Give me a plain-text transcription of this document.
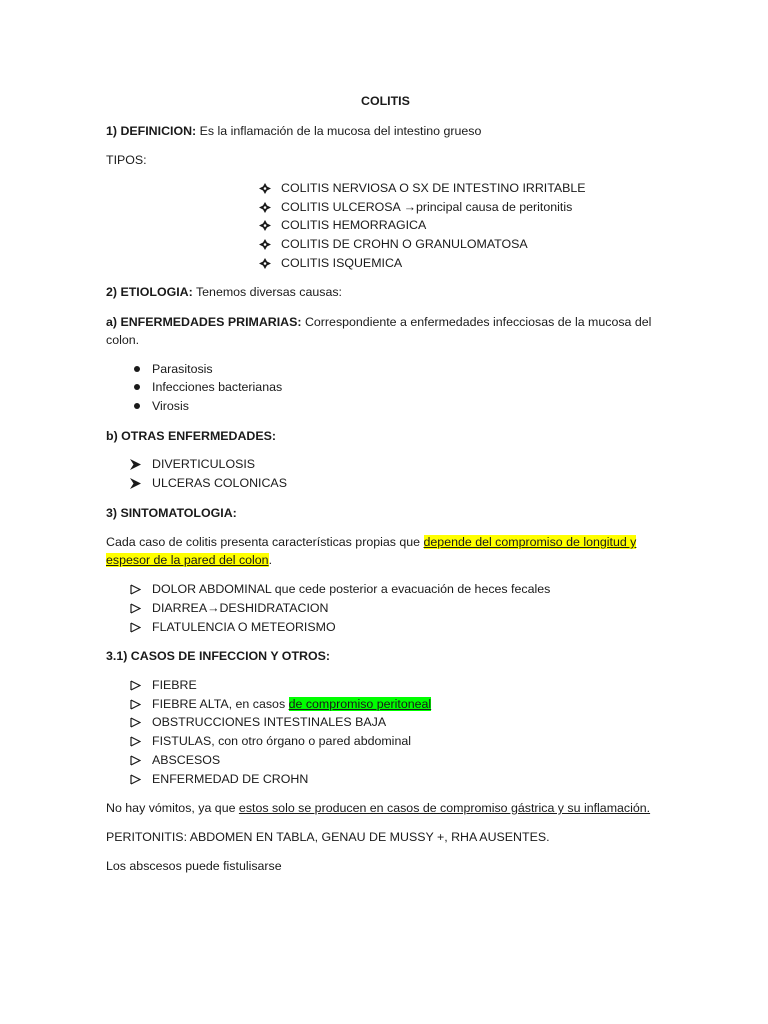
COLITIS
1) DEFINICION: Es la inflamación de la mucosa del intestino grueso
TIPOS:
COLITIS NERVIOSA O SX DE INTESTINO IRRITABLE
COLITIS ULCEROSA →principal causa de peritonitis
COLITIS HEMORRAGICA
COLITIS DE CROHN O GRANULOMATOSA
COLITIS ISQUEMICA
2) ETIOLOGIA: Tenemos diversas causas:
a) ENFERMEDADES PRIMARIAS: Correspondiente a enfermedades infecciosas de la mucosa del
colon.
Parasitosis
Infecciones bacterianas
Virosis
b) OTRAS ENFERMEDADES:
DIVERTICULOSIS
ULCERAS COLONICAS
3) SINTOMATOLOGIA:
Cada caso de colitis presenta características propias que depende del compromiso de longitud y
espesor de la pared del colon.
DOLOR ABDOMINAL que cede posterior a evacuación de heces fecales
DIARREA→DESHIDRATACION
FLATULENCIA O METEORISMO
3.1) CASOS DE INFECCION Y OTROS:
FIEBRE
FIEBRE ALTA, en casos de compromiso peritoneal
OBSTRUCCIONES INTESTINALES BAJA
FISTULAS, con otro órgano o pared abdominal
ABSCESOS
ENFERMEDAD DE CROHN
No hay vómitos, ya que estos solo se producen en casos de compromiso gástrica y su inflamación.
PERITONITIS: ABDOMEN EN TABLA, GENAU DE MUSSY +, RHA AUSENTES.
Los abscesos puede fistulisarse
